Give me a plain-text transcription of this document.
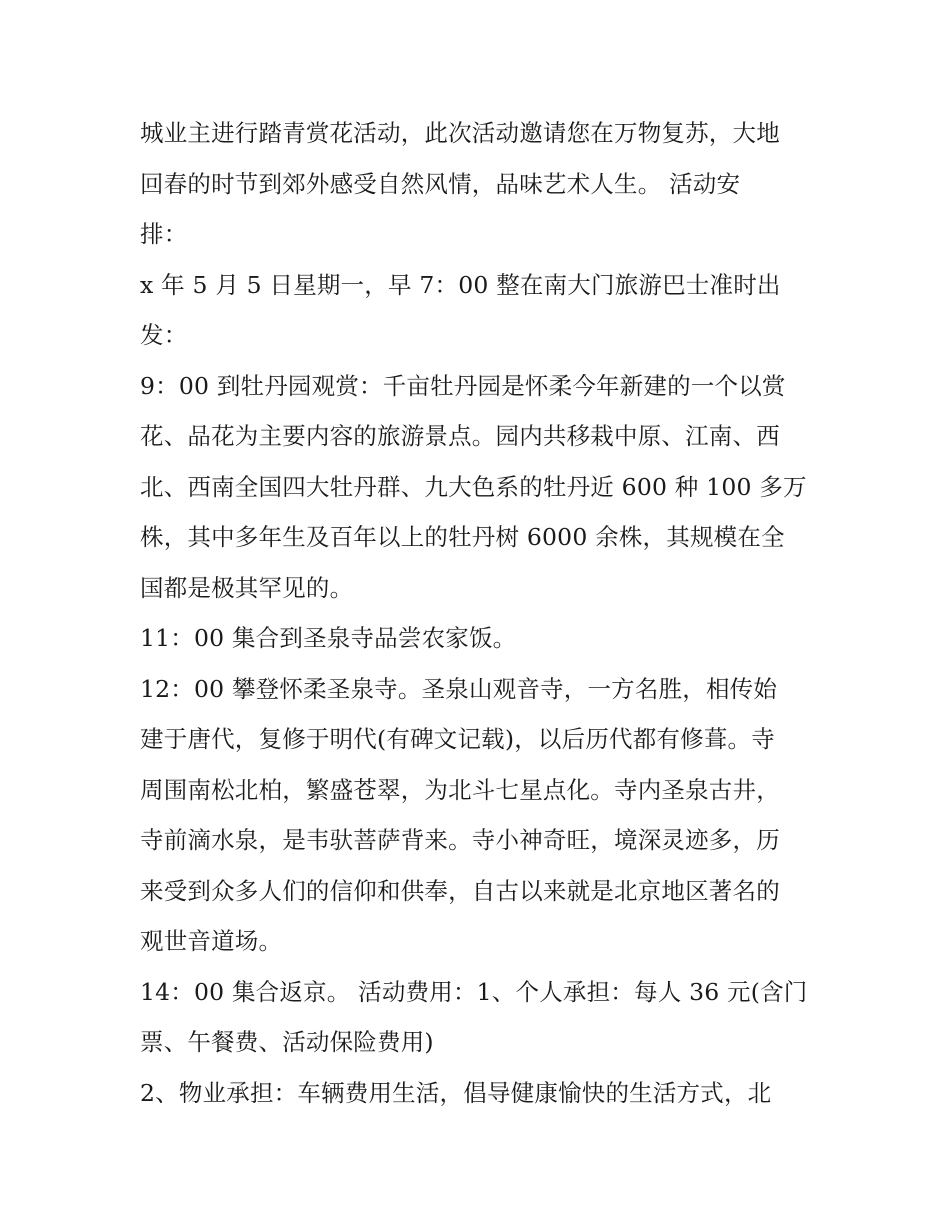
城业主进行踏青赏花活动，此次活动邀请您在万物复苏，大地
回春的时节到郊外感受自然风情，品味艺术人生。 活动安
排：
x 年 5 月 5 日星期一，早 7：00 整在南大门旅游巴士准时出
发：
9：00 到牡丹园观赏：千亩牡丹园是怀柔今年新建的一个以赏
花、品花为主要内容的旅游景点。园内共移栽中原、江南、西
北、西南全国四大牡丹群、九大色系的牡丹近 600 种 100 多万
株，其中多年生及百年以上的牡丹树 6000 余株，其规模在全
国都是极其罕见的。
11：00 集合到圣泉寺品尝农家饭。
12：00 攀登怀柔圣泉寺。圣泉山观音寺，一方名胜，相传始
建于唐代，复修于明代(有碑文记载)，以后历代都有修葺。寺
周围南松北柏，繁盛苍翠，为北斗七星点化。寺内圣泉古井，
寺前滴水泉，是韦驮菩萨背来。寺小神奇旺，境深灵迹多，历
来受到众多人们的信仰和供奉，自古以来就是北京地区著名的
观世音道场。
14：00 集合返京。 活动费用：1、个人承担：每人 36 元(含门
票、午餐费、活动保险费用)
2、物业承担：车辆费用生活，倡导健康愉快的生活方式，北
